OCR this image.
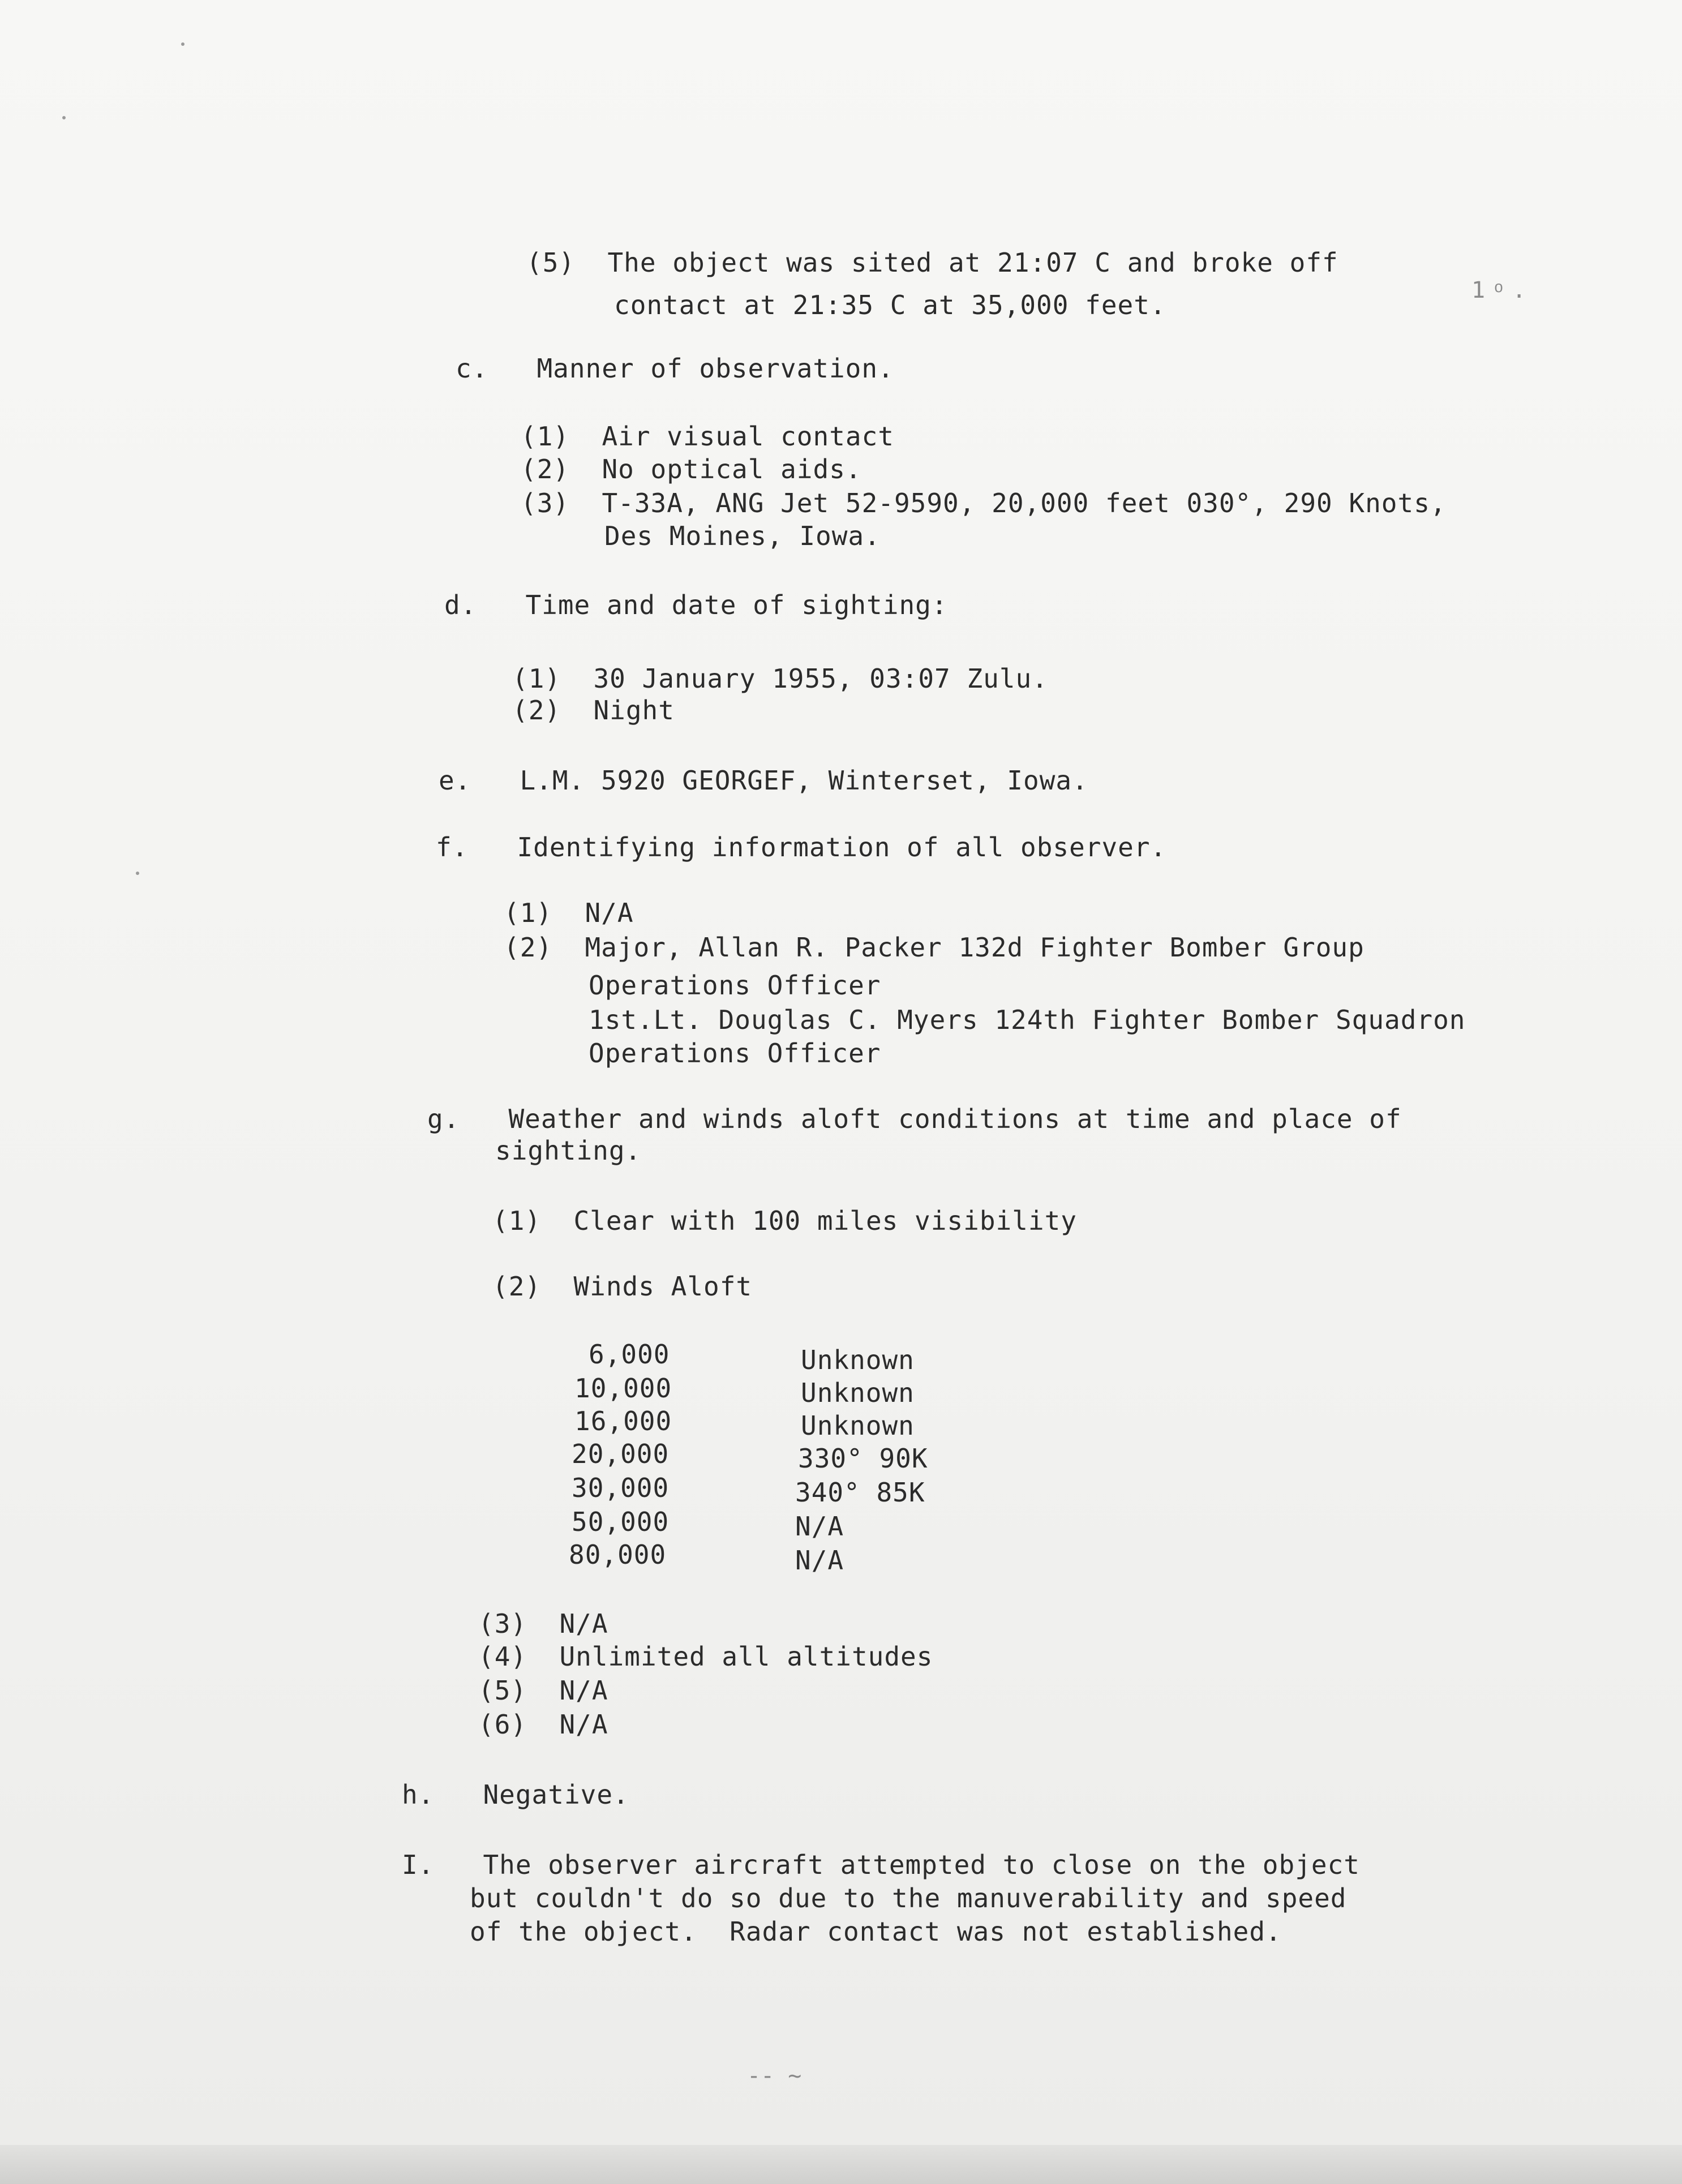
1 ͦ .
-- ~
(5)  The object was sited at 21:07 C and broke off
contact at 21:35 C at 35,000 feet.
c.   Manner of observation.
(1)  Air visual contact
(2)  No optical aids.
(3)  T-33A, ANG Jet 52-9590, 20,000 feet 030°, 290 Knots,
Des Moines, Iowa.
d.   Time and date of sighting:
(1)  30 January 1955, 03:07 Zulu.
(2)  Night
e.   L.M. 5920 GEORGEF, Winterset, Iowa.
f.   Identifying information of all observer.
(1)  N/A
(2)  Major, Allan R. Packer 132d Fighter Bomber Group
Operations Officer
1st.Lt. Douglas C. Myers 124th Fighter Bomber Squadron
Operations Officer
g.   Weather and winds aloft conditions at time and place of
sighting.
(1)  Clear with 100 miles visibility
(2)  Winds Aloft
6,000	Unknown
10,000	Unknown
16,000	Unknown
20,000	330° 90K
30,000	340° 85K
50,000	N/A
80,000	N/A
(3)  N/A
(4)  Unlimited all altitudes
(5)  N/A
(6)  N/A
h.   Negative.
I.   The observer aircraft attempted to close on the object
but couldn't do so due to the manuverability and speed
of the object.  Radar contact was not established.
